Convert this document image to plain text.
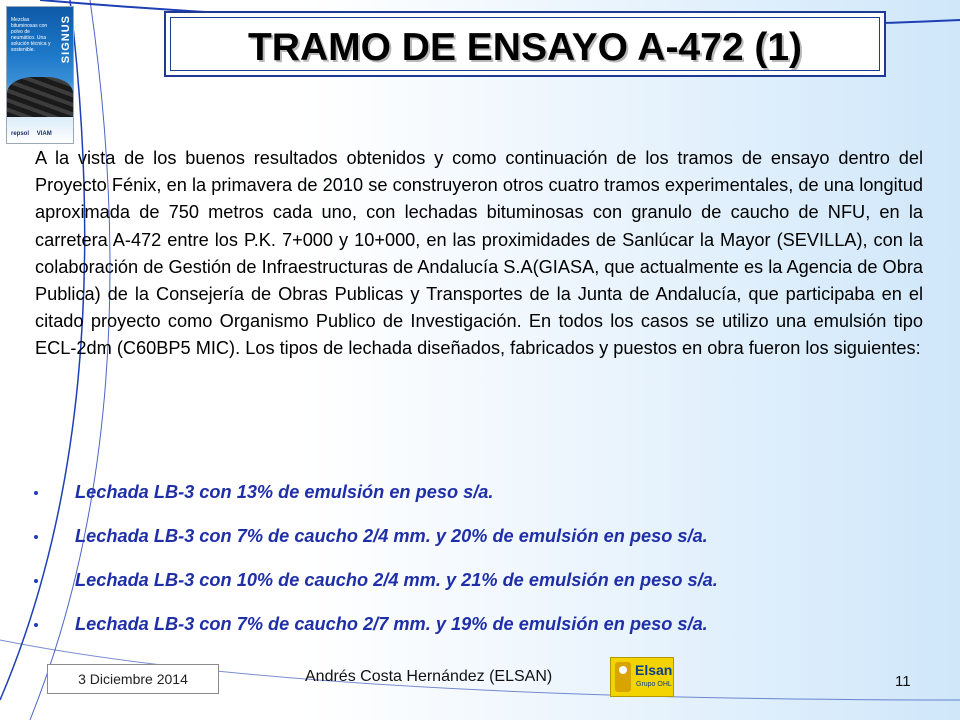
SIGNUS
Mezclas bituminosas con polvo de neumático. Una solución técnica y sostenible.
repsol VIAM
TRAMO DE ENSAYO A-472 (1)

A la vista de los buenos resultados obtenidos y como continuación de los tramos de ensayo dentro del Proyecto Fénix, en la primavera de 2010 se construyeron otros cuatro tramos experimentales, de una longitud aproximada de 750 metros cada uno, con lechadas bituminosas con granulo de caucho de NFU, en la carretera A-472 entre los P.K. 7+000 y 10+000, en las proximidades de Sanlúcar la Mayor (SEVILLA), con la colaboración de Gestión de Infraestructuras de Andalucía S.A(GIASA, que actualmente es la Agencia de Obra Publica) de la Consejería de Obras Publicas y Transportes de la Junta de Andalucía, que participaba en el citado proyecto como Organismo Publico de Investigación. En todos los casos se utilizo una emulsión tipo ECL-2dm (C60BP5 MIC). Los tipos de lechada diseñados, fabricados y puestos en obra fueron los siguientes:

Lechada LB-3 con 13% de emulsión en peso s/a.
Lechada LB-3 con 7% de caucho 2/4 mm. y 20% de emulsión en peso s/a.
Lechada LB-3 con 10% de caucho 2/4 mm. y 21% de emulsión en peso s/a.
Lechada LB-3 con 7% de caucho 2/7 mm. y 19% de emulsión en peso s/a.
3 Diciembre 2014	Andrés Costa Hernández (ELSAN)	Elsan
Grupo OHL	11
